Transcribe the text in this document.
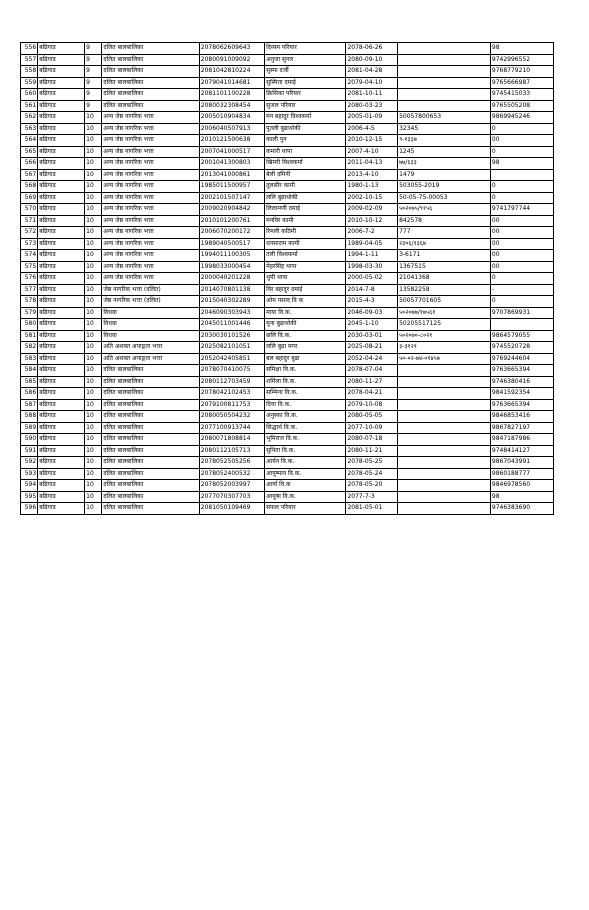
556	बढिगाड	9	दलित बालबालिका	2078062609643	दिव्यम परियार	2078-06-26		98
557	बढिगाड	9	दलित बालबालिका	2080091009092	अनुजा सुनार	2080-09-10		9742996552
558	बढिगाड	9	दलित बालबालिका	2081042810224	सुस्मा दर्जी	2081-04-28		9768779210
559	बढिगाड	9	दलित बालबालिका	2079041014681	सुस्मिता दमाई	2079-04-10		9765666987
560	बढिगाड	9	दलित बालबालिका	2081101100228	क्रिसिका परियार	2081-10-11		9745415033
561	बढिगाड	9	दलित बालबालिका	2080032308454	सुजल परियार	2080-03-23		9765505208
562	बढिगाड	10	अन्य जेष्ठ नागरिक भत्ता	2005010904834	मन बहादुर विश्वकर्मा	2005-01-09	50057800653	9869945246
563	बढिगाड	10	अन्य जेष्ठ नागरिक भत्ता	2006040507913	पुतली बुढाथोकी	2006-4-5	32345	0
564	बढिगाड	10	अन्य जेष्ठ नागरिक भत्ता	2010121500638	काली पुन	2010-12-15	९-१३३७	00
565	बढिगाड	10	अन्य जेष्ठ नागरिक भत्ता	2007041000517	कमारी थापा	2007-4-10	1245	0
566	बढिगाड	10	अन्य जेष्ठ नागरिक भत्ता	2001041300803	खिमरी विश्वकर्मा	2011-04-13	७७/६३३	98
567	बढिगाड	10	अन्य जेष्ठ नागरिक भत्ता	2013041000861	बेली दमिनी	2013-4-10	1479	
568	बढिगाड	10	अन्य जेष्ठ नागरिक भत्ता	1985011500957	तुलसीर कामी	1980-1-13	503055-2019	0
569	बढिगाड	10	अन्य जेष्ठ नागरिक भत्ता	2002101507147	ललि बुढाथोकी	2002-10-15	50-05-75-00053	0
570	बढिगाड	10	अन्य जेष्ठ नागरिक भत्ता	2009020904842	लिलामणी दमाई	2009-02-09	५०२०७५/९१५६	9741797744
571	बढिगाड	10	अन्य जेष्ठ नागरिक भत्ता	2010101200761	मनविर कामी	2010-10-12	842578	00
572	बढिगाड	10	अन्य जेष्ठ नागरिक भत्ता	2006070200172	रिमली कठिमी	2006-7-2	777	00
573	बढिगाड	10	अन्य जेष्ठ नागरिक भत्ता	1989040500517	धनसाराम कामी	1989-04-05	२३०६/१३६७	00
574	बढिगाड	10	अन्य जेष्ठ नागरिक भत्ता	1994011100305	तली विश्वकर्मा	1994-1-11	3-6171	00
575	बढिगाड	10	अन्य जेष्ठ नागरिक भत्ता	1998033000454	मेहरसिंह थापा	1998-03-30	1367515	00
576	बढिगाड	10	अन्य जेष्ठ नागरिक भत्ता	2000040201228	थुमी थापा	2000-05-02	21041368	0
577	बढिगाड	10	जेष्ठ नागरिक भत्ता (दलित)	2014070801138	विर बहादुर दमाई	2014-7-8	13582258	-
578	बढिगाड	10	जेष्ठ नागरिक भत्ता (दलित)	2015040302289	ओम पसाद वि क	2015-4-3	50057701605	0
579	बढिगाड	10	विधवा	2046090303943	माया वि.क.	2046-09-03	५०२०७७/१७५६१	9707869931
580	बढिगाड	10	विधवा	2045011001446	मुना बुढाथोकी	2045-1-10	50205517125	
581	बढिगाड	10	विधवा	2030030101526	छलि वि.क.	2030-03-01	५०२०७०-८०२१	9864579055
582	बढिगाड	10	अति अशक्त अपाङ्गता भत्ता	2025082101051	ललि बुढा मगर	2025-08-21	३-३१२१	9745520728
583	बढिगाड	10	अति अशक्त अपाङ्गता भत्ता	2052042405851	बल बहादुर बुढा	2052-04-24	५०-०२-७४-०१४५७	9769244604
584	बढिगाड	10	दलित बालबालिका	2078070410075	समिक्षा वि.क.	2078-07-04		9763665394
585	बढिगाड	10	दलित बालबालिका	2080112703459	शर्मिला वि.क.	2080-11-27		9746380416
586	बढिगाड	10	दलित बालबालिका	2078042102453	सम्भिना वि.क.	2078-04-21		9841592354
587	बढिगाड	10	दलित बालबालिका	2079100811753	दिया वि.क.	2079-10-08		9763665394
588	बढिगाड	10	दलित बालबालिका	2080050504232	अनुस्का वि.क.	2080-05-05		9846853416
589	बढिगाड	10	दलित बालबालिका	2077100913744	सिद्धार्थ वि.क.	2077-10-09		9867827197
590	बढिगाड	10	दलित बालबालिका	2080071808814	भुमिराज वि.क.	2080-07-18		9847187986
591	बढिगाड	10	दलित बालबालिका	2080112105713	सुनिता वि.क.	2080-11-21		9748414127
592	बढिगाड	10	दलित बालबालिका	2078052505256	आर्यन वि.क.	2078-05-25		9867043991
593	बढिगाड	10	दलित बालबालिका	2078052400532	आयुष्मान वि.क.	2078-05-24		9860188777
594	बढिगाड	10	दलित बालबालिका	2078052003997	आर्या वि.क	2078-05-20		9846978560
595	बढिगाड	10	दलित बालबालिका	2077070307703	आयुषा वि.क.	2077-7-3		98
596	बढिगाड	10	दलित बालबालिका	2081050109469	सफल परियार	2081-05-01		9746383690
